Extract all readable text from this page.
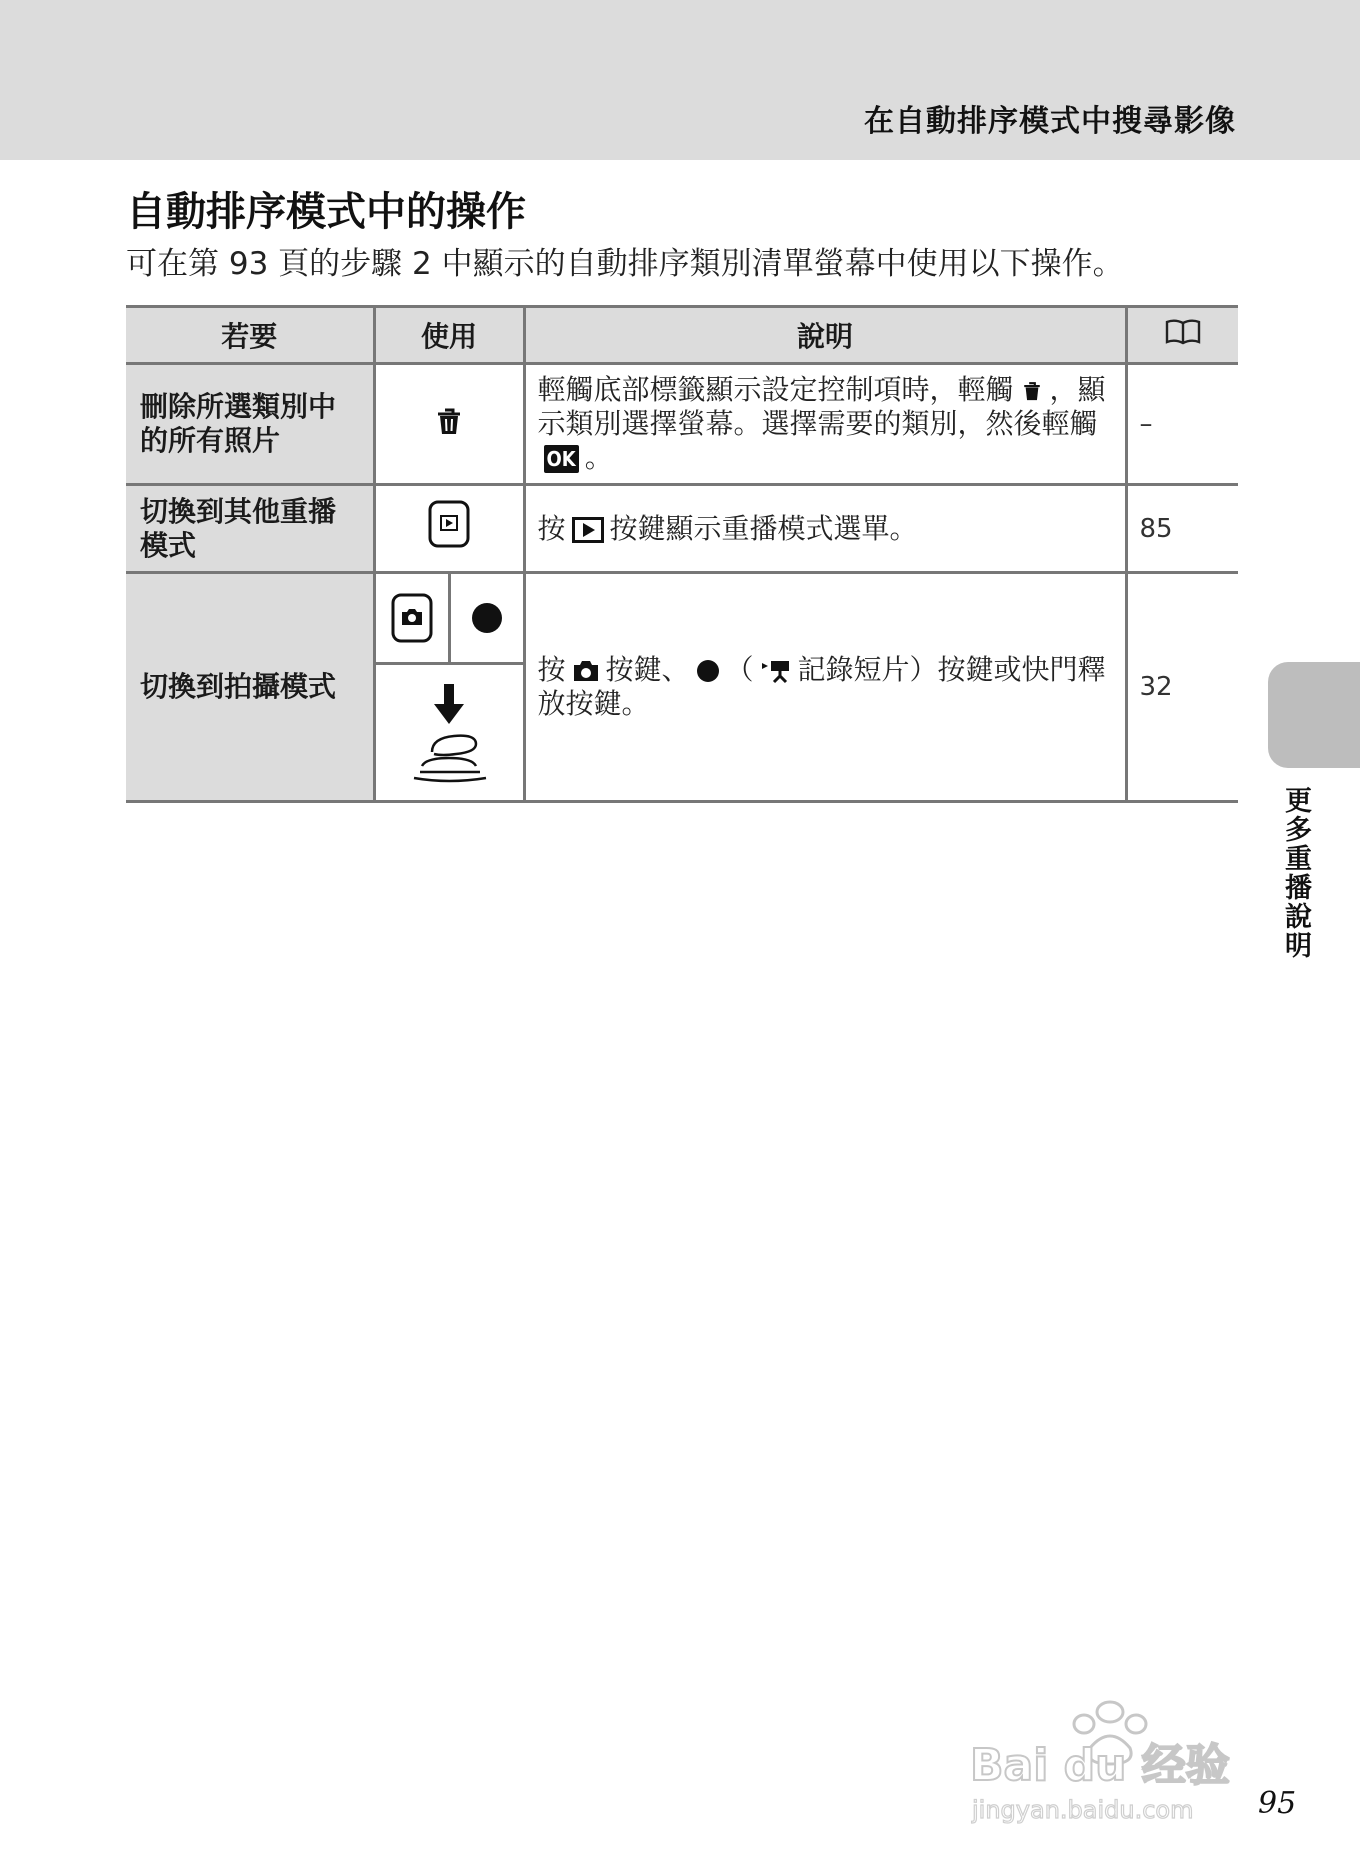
在自動排序模式中搜尋影像
自動排序模式中的操作
可在第 93 頁的步驟 2 中顯示的自動排序類別清單螢幕中使用以下操作。
若要	使用	說明	
刪除所選類別中的所有照片		輕觸底部標籤顯示設定控制項時，輕觸 ，顯示類別選擇螢幕。選擇需要的類別，然後輕觸OK 。	–
切換到其他重播模式		按 按鍵顯示重播模式選單。	85
切換到拍攝模式		按 按鍵、 （ 記錄短片）按鍵或快門釋放按鍵。	32
更多重播說明
Bai du 经验
jingyan.baidu.com 95
